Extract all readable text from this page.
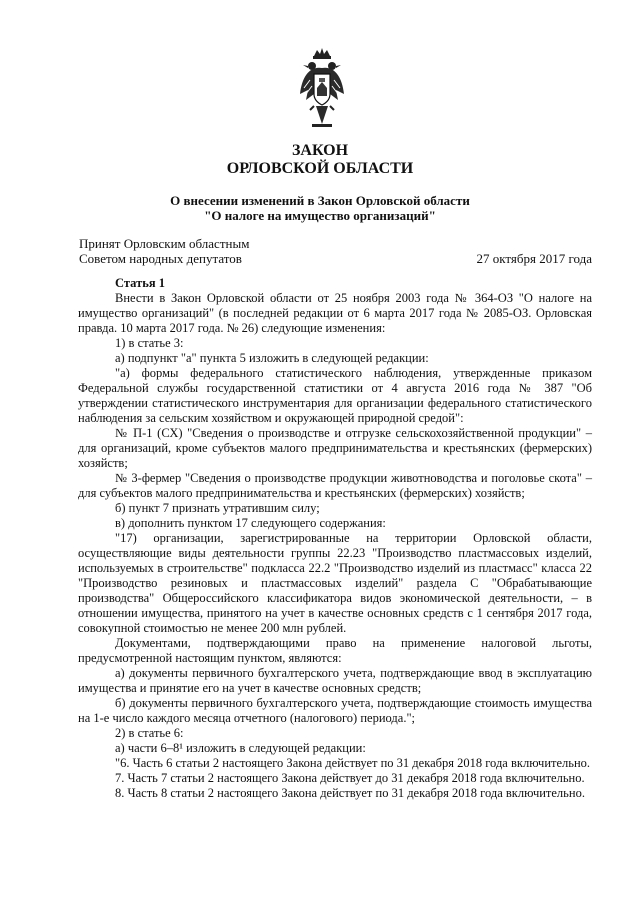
ЗАКОН
ОРЛОВСКОЙ ОБЛАСТИ
О внесении изменений в Закон Орловской области
"О налоге на имущество организаций"
Принят Орловским областным
Советом народных депутатов	27 октября 2017 года

Статья 1

Внести в Закон Орловской области от 25 ноября 2003 года № 364-ОЗ "О налоге на имущество организаций" (в последней редакции от 6 марта 2017 года № 2085-ОЗ. Орловская правда. 10 марта 2017 года. № 26) следующие изменения:

1) в статье 3:

а) подпункт "а" пункта 5 изложить в следующей редакции:

"а) формы федерального статистического наблюдения, утвержденные приказом Федеральной службы государственной статистики от 4 августа 2016 года № 387 "Об утверждении статистического инструментария для организации федерального статистического наблюдения за сельским хозяйством и окружающей природной средой":

№ П-1 (СХ) "Сведения о производстве и отгрузке сельскохозяйственной продукции" – для организаций, кроме субъектов малого предпринимательства и крестьянских (фермерских) хозяйств;

№ 3-фермер "Сведения о производстве продукции животноводства и поголовье скота" – для субъектов малого предпринимательства и крестьянских (фермерских) хозяйств;

б) пункт 7 признать утратившим силу;

в) дополнить пунктом 17 следующего содержания:

"17) организации, зарегистрированные на территории Орловской области, осуществляющие виды деятельности группы 22.23 "Производство пластмассовых изделий, используемых в строительстве" подкласса 22.2 "Производство изделий из пластмасс" класса 22 "Производство резиновых и пластмассовых изделий" раздела С "Обрабатывающие производства" Общероссийского классификатора видов экономической деятельности, – в отношении имущества, принятого на учет в качестве основных средств с 1 сентября 2017 года, совокупной стоимостью не менее 200 млн рублей.

Документами, подтверждающими право на применение налоговой льготы, предусмотренной настоящим пунктом, являются:

а) документы первичного бухгалтерского учета, подтверждающие ввод в эксплуатацию имущества и принятие его на учет в качестве основных средств;

б) документы первичного бухгалтерского учета, подтверждающие стоимость имущества на 1-е число каждого месяца отчетного (налогового) периода.";

2) в статье 6:

а) части 6–8¹ изложить в следующей редакции:

"6. Часть 6 статьи 2 настоящего Закона действует по 31 декабря 2018 года включительно.

7. Часть 7 статьи 2 настоящего Закона действует до 31 декабря 2018 года включительно.

8. Часть 8 статьи 2 настоящего Закона действует по 31 декабря 2018 года включительно.
